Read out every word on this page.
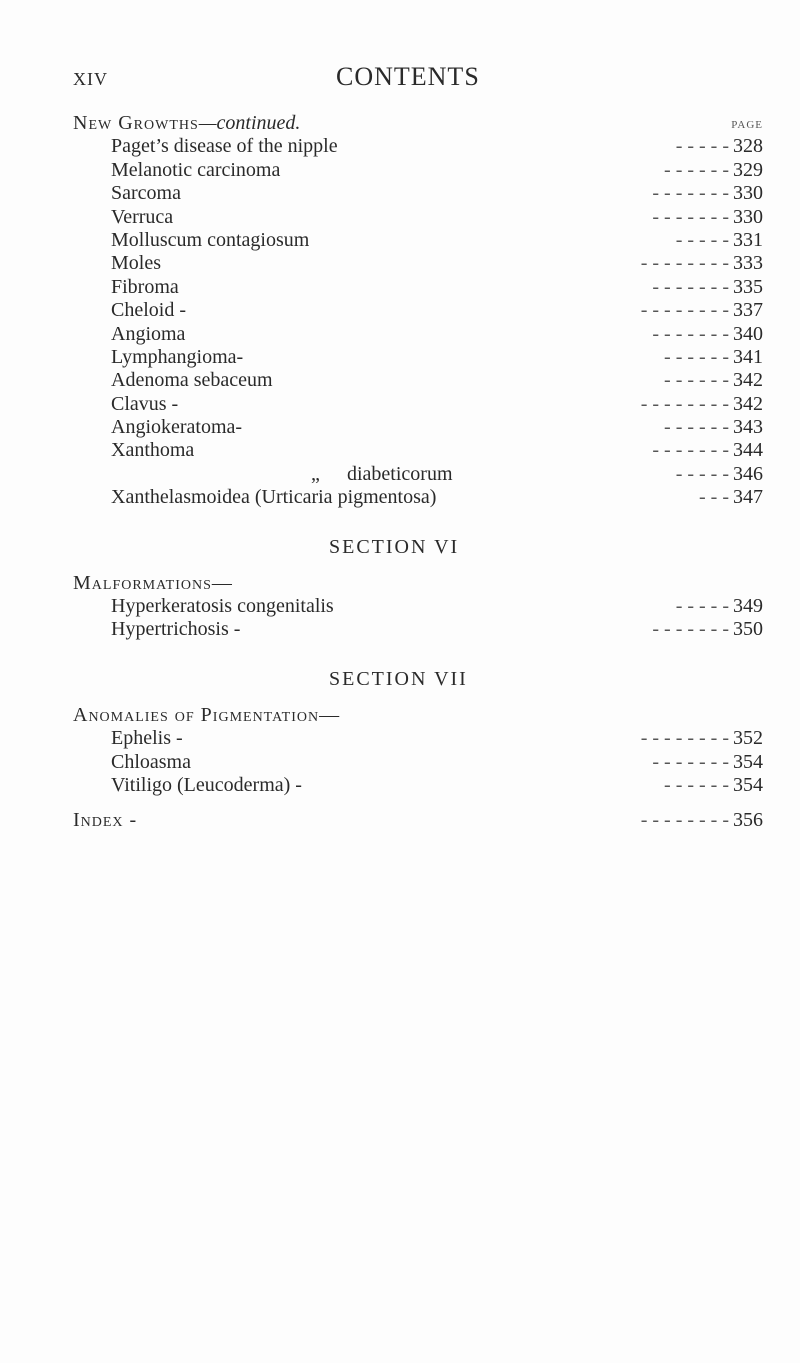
xiv	CONTENTS
New Growths—continued.	PAGE
Paget’s disease of the nipple	- - - - - 328
Melanotic carcinoma	- - - - - - 329
Sarcoma	- - - - - - - 330
Verruca	- - - - - - - 330
Molluscum contagiosum	- - - - - 331
Moles	- - - - - - - - 333
Fibroma	- - - - - - - 335
Cheloid -	- - - - - - - - 337
Angioma	- - - - - - - 340
Lymphangioma-	- - - - - - 341
Adenoma sebaceum	- - - - - - 342
Clavus -	- - - - - - - - 342
Angiokeratoma-	- - - - - - 343
Xanthoma	- - - - - - - 344
„ diabeticorum	- - - - - 346
Xanthelasmoidea (Urticaria pigmentosa)	- - - 347
SECTION VI
Malformations—
Hyperkeratosis congenitalis	- - - - - 349
Hypertrichosis -	- - - - - - - 350
SECTION VII
Anomalies of Pigmentation—
Ephelis -	- - - - - - - - 352
Chloasma	- - - - - - - 354
Vitiligo (Leucoderma) -	- - - - - - 354
Index -	- - - - - - - - 356
